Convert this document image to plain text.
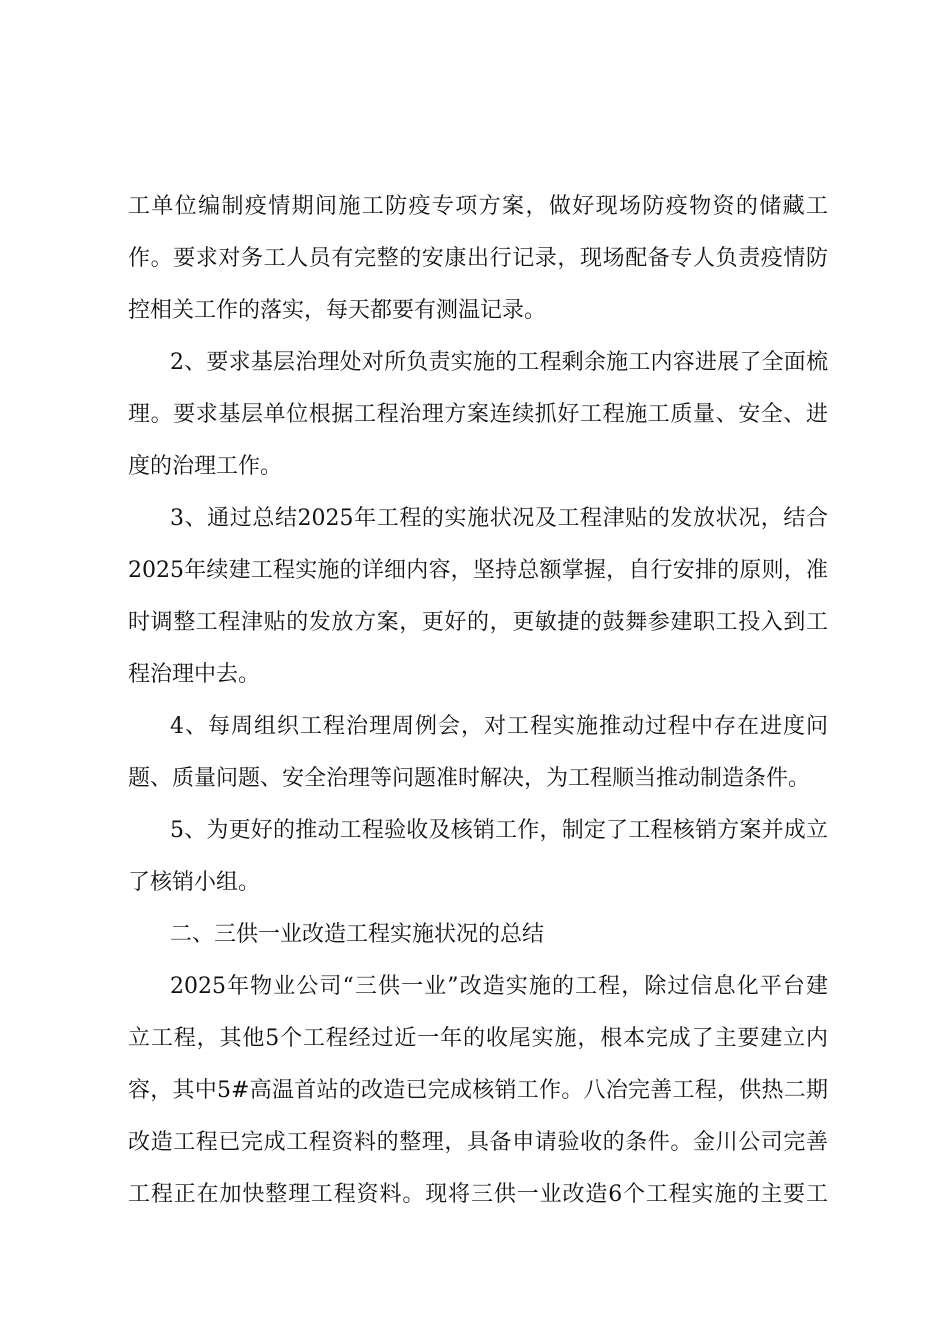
工单位编制疫情期间施工防疫专项方案，做好现场防疫物资的储藏工
作。要求对务工人员有完整的安康出行记录，现场配备专人负责疫情防
控相关工作的落实，每天都要有测温记录。
2、要求基层治理处对所负责实施的工程剩余施工内容进展了全面梳
理。要求基层单位根据工程治理方案连续抓好工程施工质量、安全、进
度的治理工作。
3、通过总结2025年工程的实施状况及工程津贴的发放状况，结合
2025年续建工程实施的详细内容，坚持总额掌握，自行安排的原则，准
时调整工程津贴的发放方案，更好的，更敏捷的鼓舞参建职工投入到工
程治理中去。
4、每周组织工程治理周例会，对工程实施推动过程中存在进度问
题、质量问题、安全治理等问题准时解决，为工程顺当推动制造条件。
5、为更好的推动工程验收及核销工作，制定了工程核销方案并成立
了核销小组。
二、三供一业改造工程实施状况的总结
2025年物业公司“三供一业”改造实施的工程，除过信息化平台建
立工程，其他5个工程经过近一年的收尾实施，根本完成了主要建立内
容，其中5#高温首站的改造已完成核销工作。八冶完善工程，供热二期
改造工程已完成工程资料的整理，具备申请验收的条件。金川公司完善
工程正在加快整理工程资料。现将三供一业改造6个工程实施的主要工
